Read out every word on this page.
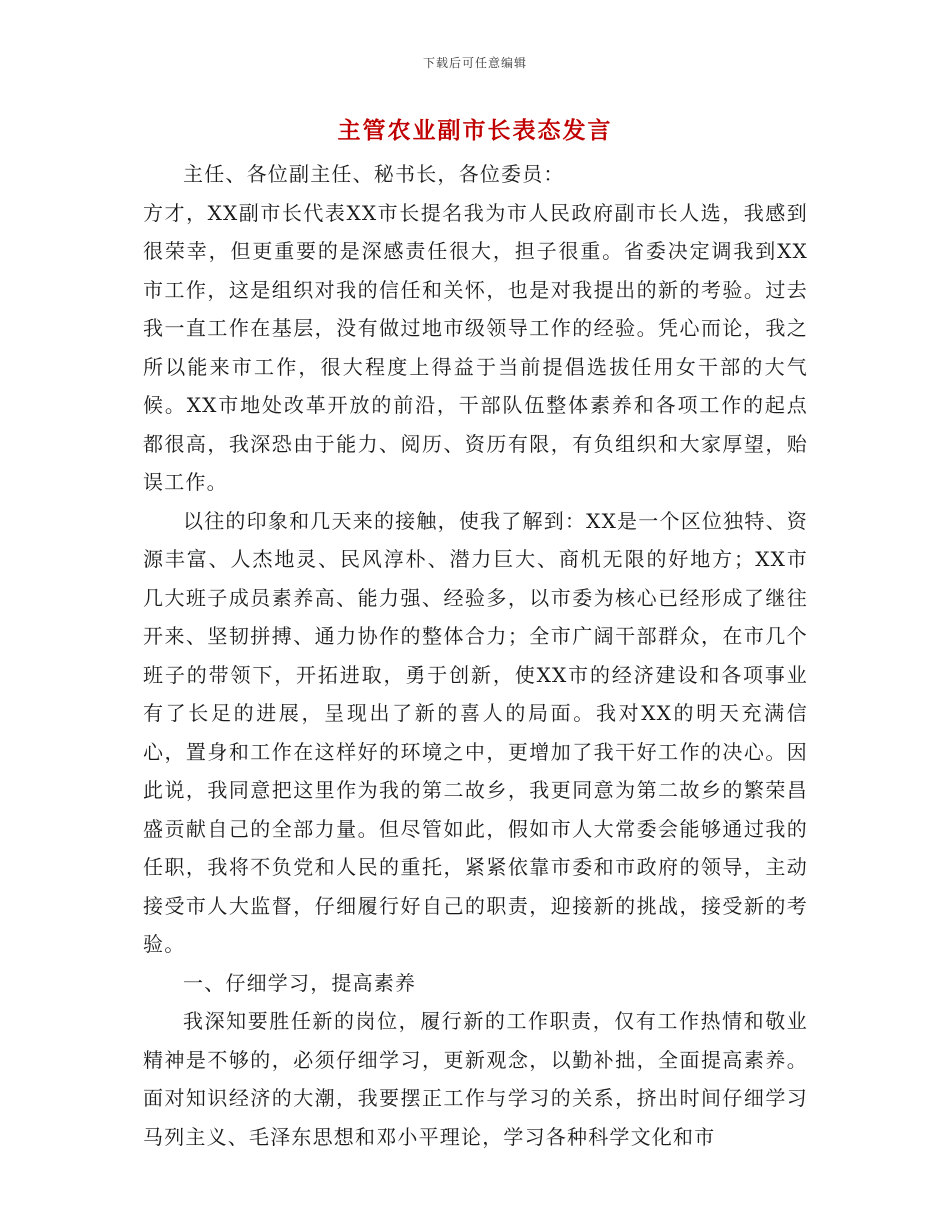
下载后可任意编辑
主管农业副市长表态发言

主任、各位副主任、秘书长，各位委员：

方才，XX副市长代表XX市长提名我为市人民政府副市长人选，我感到很荣幸，但更重要的是深感责任很大，担子很重。省委决定调我到XX市工作，这是组织对我的信任和关怀，也是对我提出的新的考验。过去我一直工作在基层，没有做过地市级领导工作的经验。凭心而论，我之所以能来市工作，很大程度上得益于当前提倡选拔任用女干部的大气候。XX市地处改革开放的前沿，干部队伍整体素养和各项工作的起点都很高，我深恐由于能力、阅历、资历有限，有负组织和大家厚望，贻误工作。

以往的印象和几天来的接触，使我了解到：XX是一个区位独特、资源丰富、人杰地灵、民风淳朴、潜力巨大、商机无限的好地方；XX市几大班子成员素养高、能力强、经验多，以市委为核心已经形成了继往开来、坚韧拼搏、通力协作的整体合力；全市广阔干部群众，在市几个班子的带领下，开拓进取，勇于创新，使XX市的经济建设和各项事业有了长足的进展，呈现出了新的喜人的局面。我对XX的明天充满信心，置身和工作在这样好的环境之中，更增加了我干好工作的决心。因此说，我同意把这里作为我的第二故乡，我更同意为第二故乡的繁荣昌盛贡献自己的全部力量。但尽管如此，假如市人大常委会能够通过我的任职，我将不负党和人民的重托，紧紧依靠市委和市政府的领导，主动接受市人大监督，仔细履行好自己的职责，迎接新的挑战，接受新的考验。

一、仔细学习，提高素养

我深知要胜任新的岗位，履行新的工作职责，仅有工作热情和敬业精神是不够的，必须仔细学习，更新观念，以勤补拙，全面提高素养。面对知识经济的大潮，我要摆正工作与学习的关系，挤出时间仔细学习马列主义、毛泽东思想和邓小平理论，学习各种科学文化和市
